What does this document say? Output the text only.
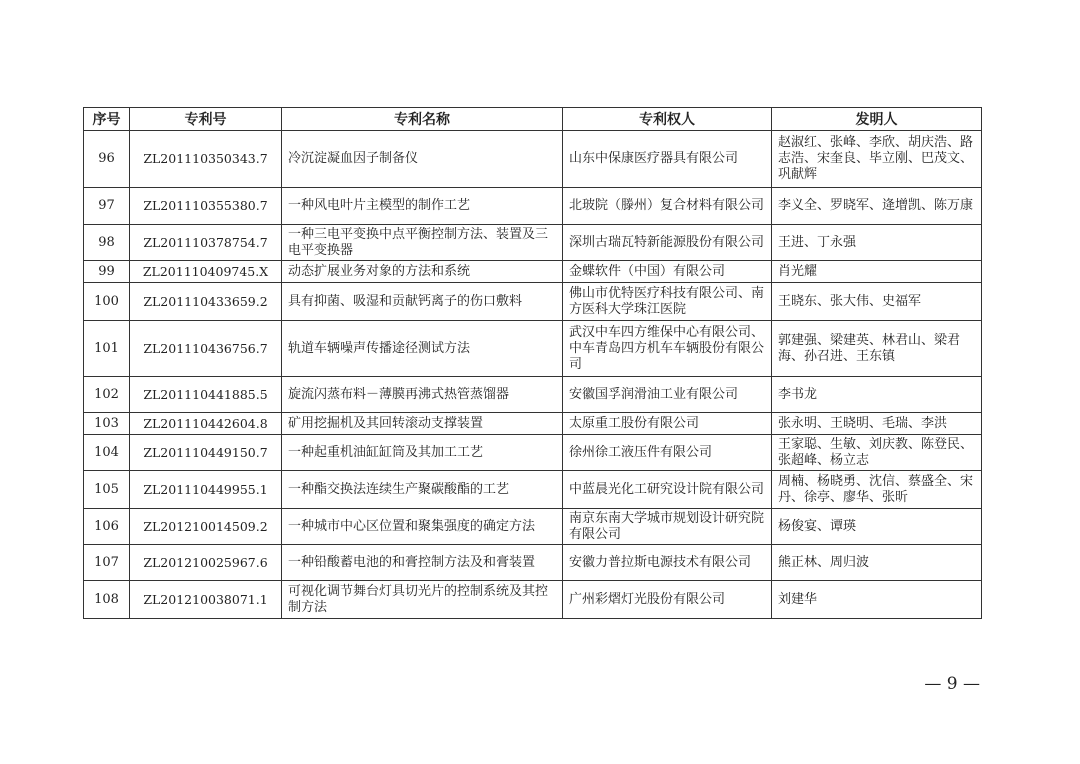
序号	专利号	专利名称	专利权人	发明人
96	ZL201110350343.7	冷沉淀凝血因子制备仪	山东中保康医疗器具有限公司	赵淑红、张峰、李欣、胡庆浩、路志浩、宋奎良、毕立刚、巴茂文、巩献辉
97	ZL201110355380.7	一种风电叶片主模型的制作工艺	北玻院（滕州）复合材料有限公司	李义全、罗晓军、逄增凯、陈万康
98	ZL201110378754.7	一种三电平变换中点平衡控制方法、装置及三电平变换器	深圳古瑞瓦特新能源股份有限公司	王进、丁永强
99	ZL201110409745.X	动态扩展业务对象的方法和系统	金蝶软件（中国）有限公司	肖光耀
100	ZL201110433659.2	具有抑菌、吸湿和贡献钙离子的伤口敷料	佛山市优特医疗科技有限公司、南方医科大学珠江医院	王晓东、张大伟、史福军
101	ZL201110436756.7	轨道车辆噪声传播途径测试方法	武汉中车四方维保中心有限公司、中车青岛四方机车车辆股份有限公司	郭建强、梁建英、林君山、梁君海、孙召进、王东镇
102	ZL201110441885.5	旋流闪蒸布料－薄膜再沸式热管蒸馏器	安徽国孚润滑油工业有限公司	李书龙
103	ZL201110442604.8	矿用挖掘机及其回转滚动支撑装置	太原重工股份有限公司	张永明、王晓明、毛瑞、李洪
104	ZL201110449150.7	一种起重机油缸缸筒及其加工工艺	徐州徐工液压件有限公司	王家聪、生敏、刘庆教、陈登民、张超峰、杨立志
105	ZL201110449955.1	一种酯交换法连续生产聚碳酸酯的工艺	中蓝晨光化工研究设计院有限公司	周楠、杨晓勇、沈信、蔡盛全、宋丹、徐亭、廖华、张昕
106	ZL201210014509.2	一种城市中心区位置和聚集强度的确定方法	南京东南大学城市规划设计研究院有限公司	杨俊宴、谭瑛
107	ZL201210025967.6	一种铅酸蓄电池的和膏控制方法及和膏装置	安徽力普拉斯电源技术有限公司	熊正林、周归波
108	ZL201210038071.1	可视化调节舞台灯具切光片的控制系统及其控制方法	广州彩熠灯光股份有限公司	刘建华
— 9 —
